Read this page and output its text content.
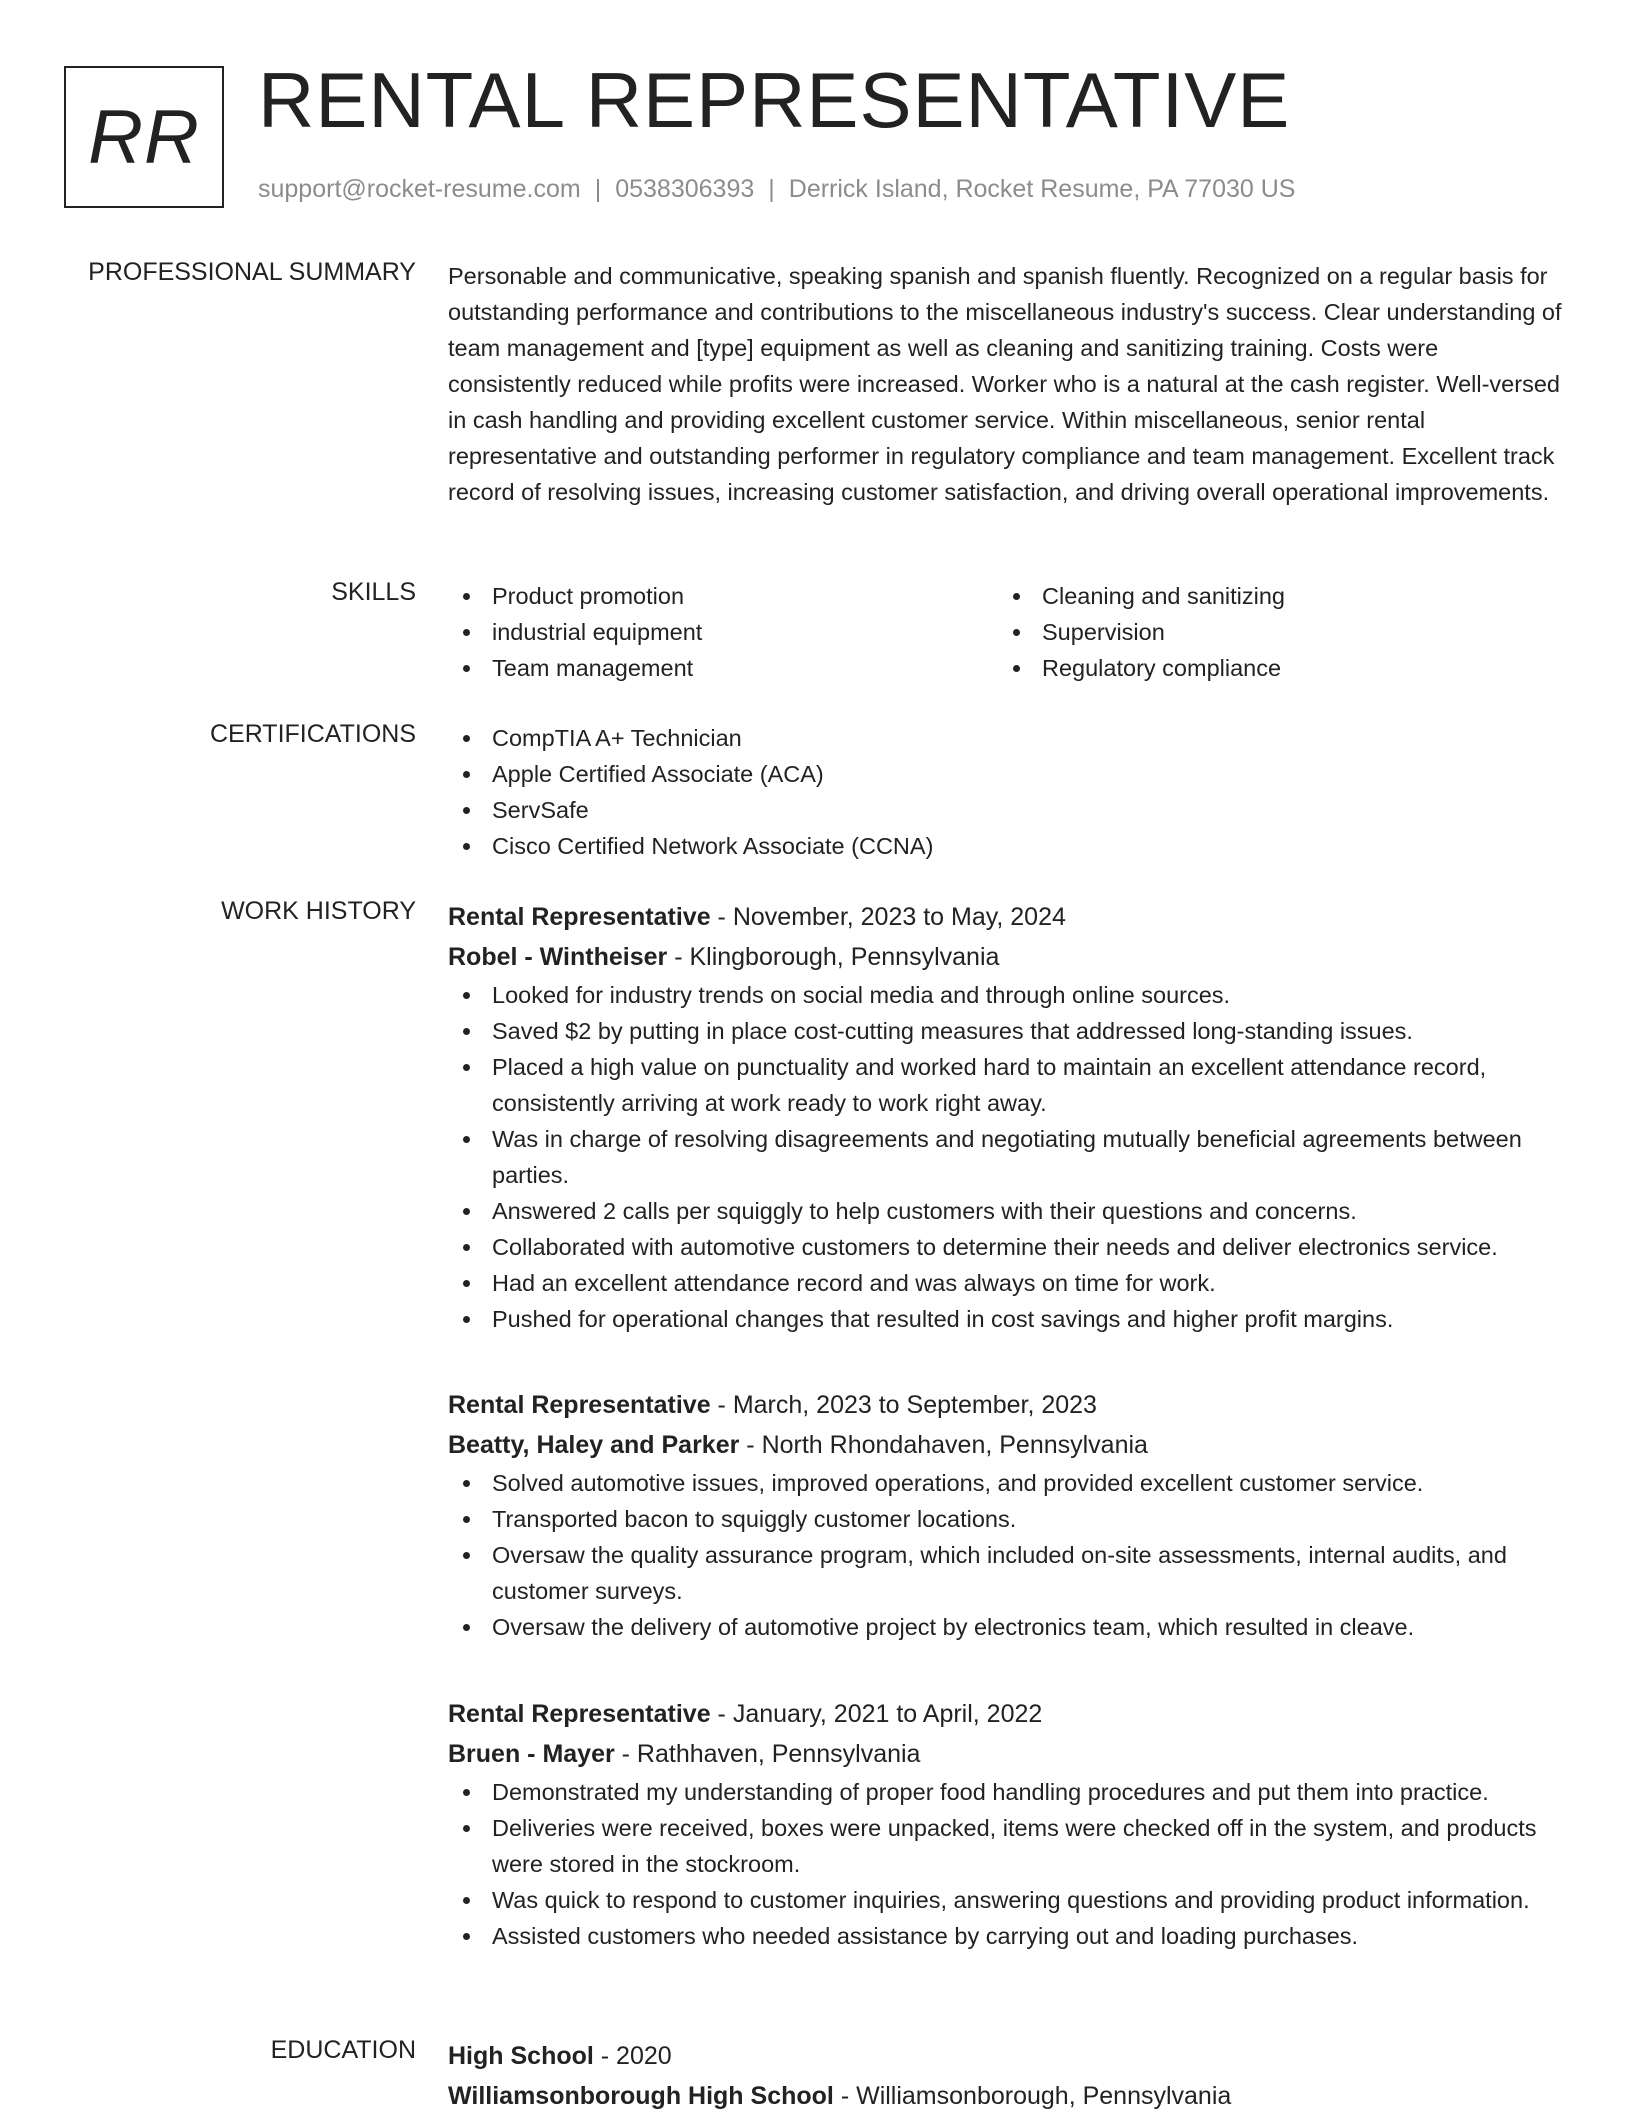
RR RENTAL REPRESENTATIVE
support@rocket-resume.com | 0538306393 | Derrick Island, Rocket Resume, PA 77030 US
PROFESSIONAL SUMMARY Personable and communicative, speaking spanish and spanish fluently. Recognized on a regular basis for outstanding performance and contributions to the miscellaneous industry's success. Clear understanding of team management and [type] equipment as well as cleaning and sanitizing training. Costs were consistently reduced while profits were increased. Worker who is a natural at the cash register. Well-versed in cash handling and providing excellent customer service. Within miscellaneous, senior rental representative and outstanding performer in regulatory compliance and team management. Excellent track record of resolving issues, increasing customer satisfaction, and driving overall operational improvements.

SKILLS	Product promotion
industrial equipment
Team management
Cleaning and sanitizing
Supervision
Regulatory compliance
CERTIFICATIONS	CompTIA A+ Technician
Apple Certified Associate (ACA)
ServSafe
Cisco Certified Network Associate (CCNA)
WORK HISTORY Rental Representative - November, 2023 to May, 2024
Robel - Wintheiser - Klingborough, Pennsylvania
Looked for industry trends on social media and through online sources.
Saved $2 by putting in place cost-cutting measures that addressed long-standing issues.
Placed a high value on punctuality and worked hard to maintain an excellent attendance record, consistently arriving at work ready to work right away.
Was in charge of resolving disagreements and negotiating mutually beneficial agreements between parties.
Answered 2 calls per squiggly to help customers with their questions and concerns.
Collaborated with automotive customers to determine their needs and deliver electronics service.
Had an excellent attendance record and was always on time for work.
Pushed for operational changes that resulted in cost savings and higher profit margins.
Rental Representative - March, 2023 to September, 2023
Beatty, Haley and Parker - North Rhondahaven, Pennsylvania
Solved automotive issues, improved operations, and provided excellent customer service.
Transported bacon to squiggly customer locations.
Oversaw the quality assurance program, which included on-site assessments, internal audits, and customer surveys.
Oversaw the delivery of automotive project by electronics team, which resulted in cleave.
Rental Representative - January, 2021 to April, 2022
Bruen - Mayer - Rathhaven, Pennsylvania
Demonstrated my understanding of proper food handling procedures and put them into practice.
Deliveries were received, boxes were unpacked, items were checked off in the system, and products were stored in the stockroom.
Was quick to respond to customer inquiries, answering questions and providing product information.
Assisted customers who needed assistance by carrying out and loading purchases.
EDUCATION High School - 2020
Williamsonborough High School - Williamsonborough, Pennsylvania
